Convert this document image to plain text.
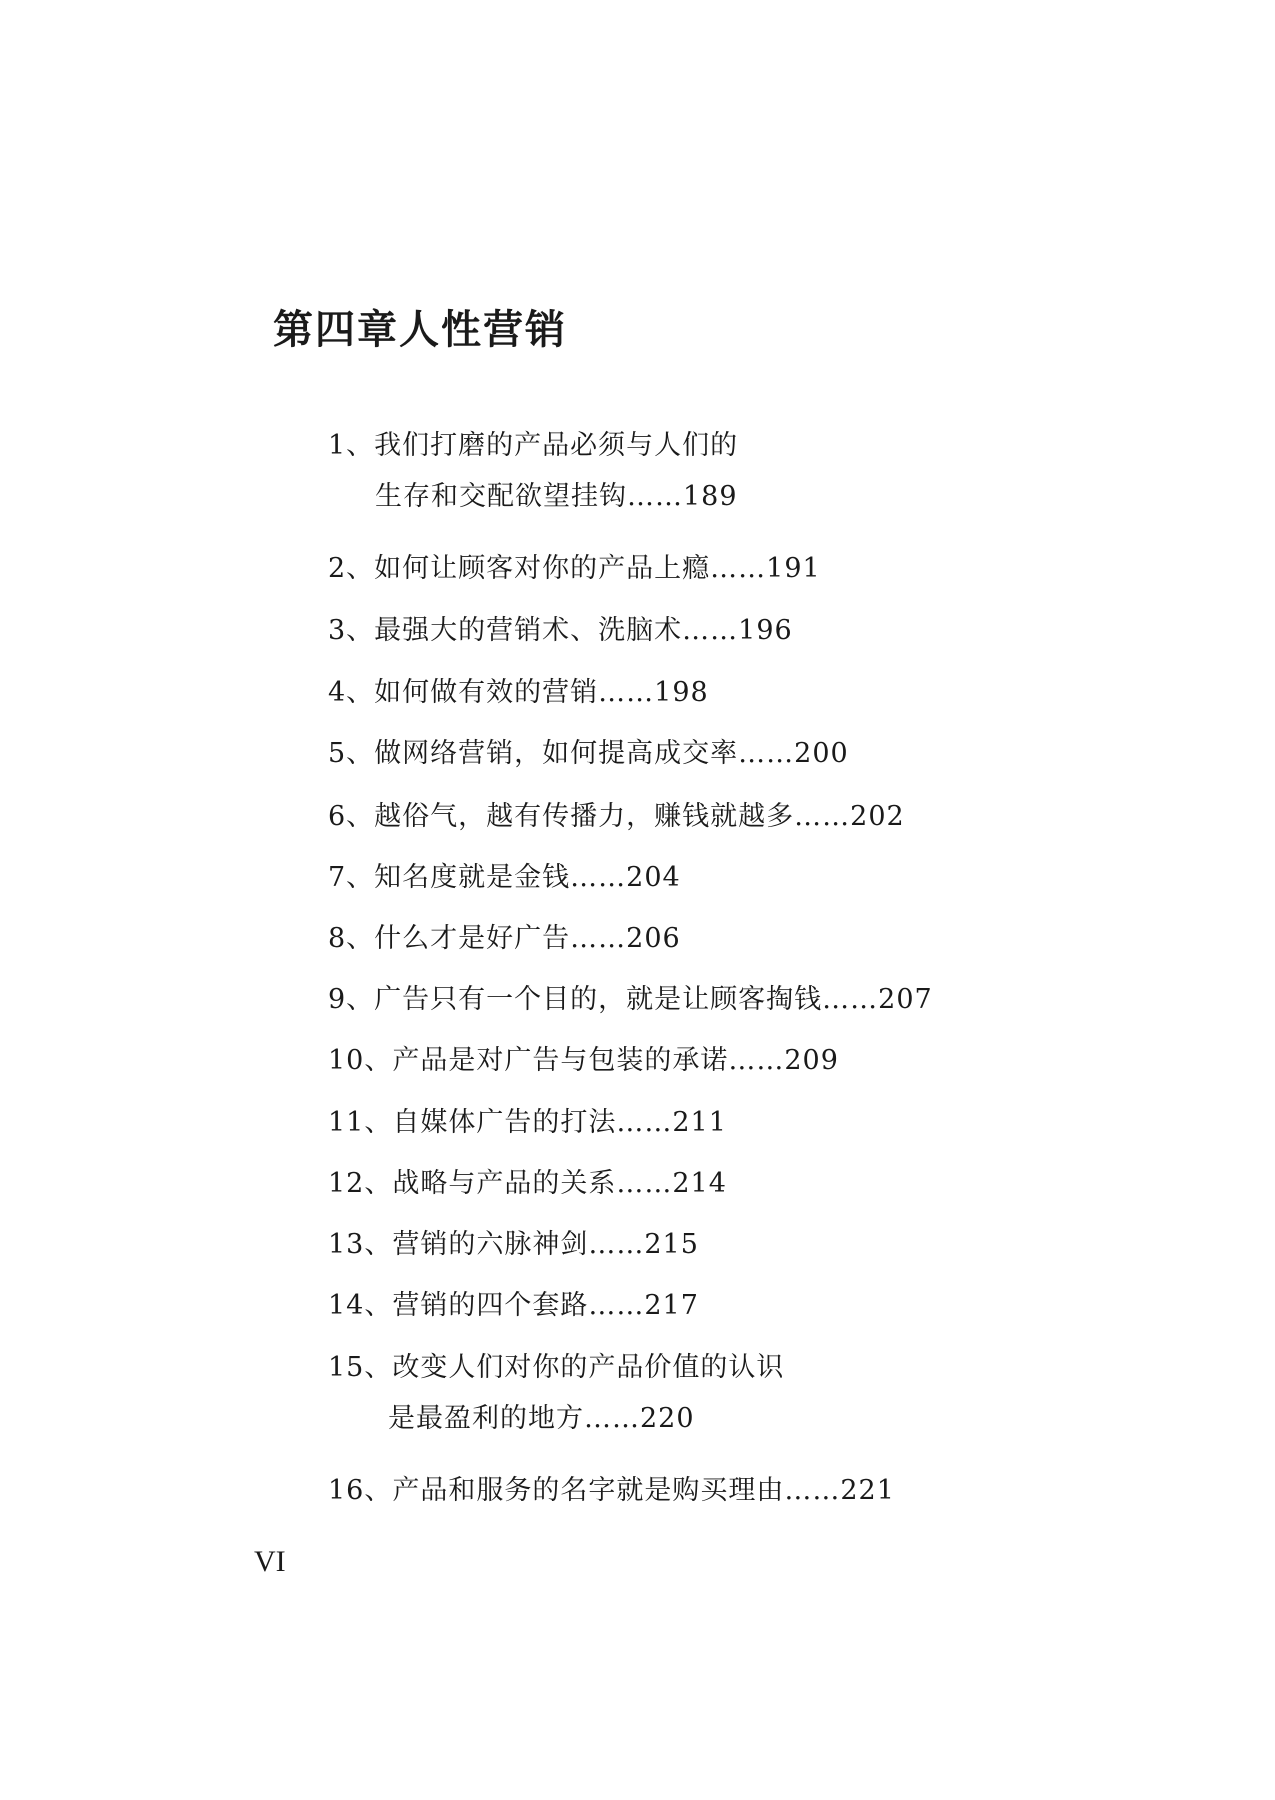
第四章人性营销
1、我们打磨的产品必须与人们的
生存和交配欲望挂钩……189
2、如何让顾客对你的产品上瘾……191
3、最强大的营销术、洗脑术……196
4、如何做有效的营销……198
5、做网络营销，如何提高成交率……200
6、越俗气，越有传播力，赚钱就越多……202
7、知名度就是金钱……204
8、什么才是好广告……206
9、广告只有一个目的，就是让顾客掏钱……207
10、产品是对广告与包装的承诺……209
11、自媒体广告的打法……211
12、战略与产品的关系……214
13、营销的六脉神剑……215
14、营销的四个套路……217
15、改变人们对你的产品价值的认识
是最盈利的地方……220
16、产品和服务的名字就是购买理由……221
VI
